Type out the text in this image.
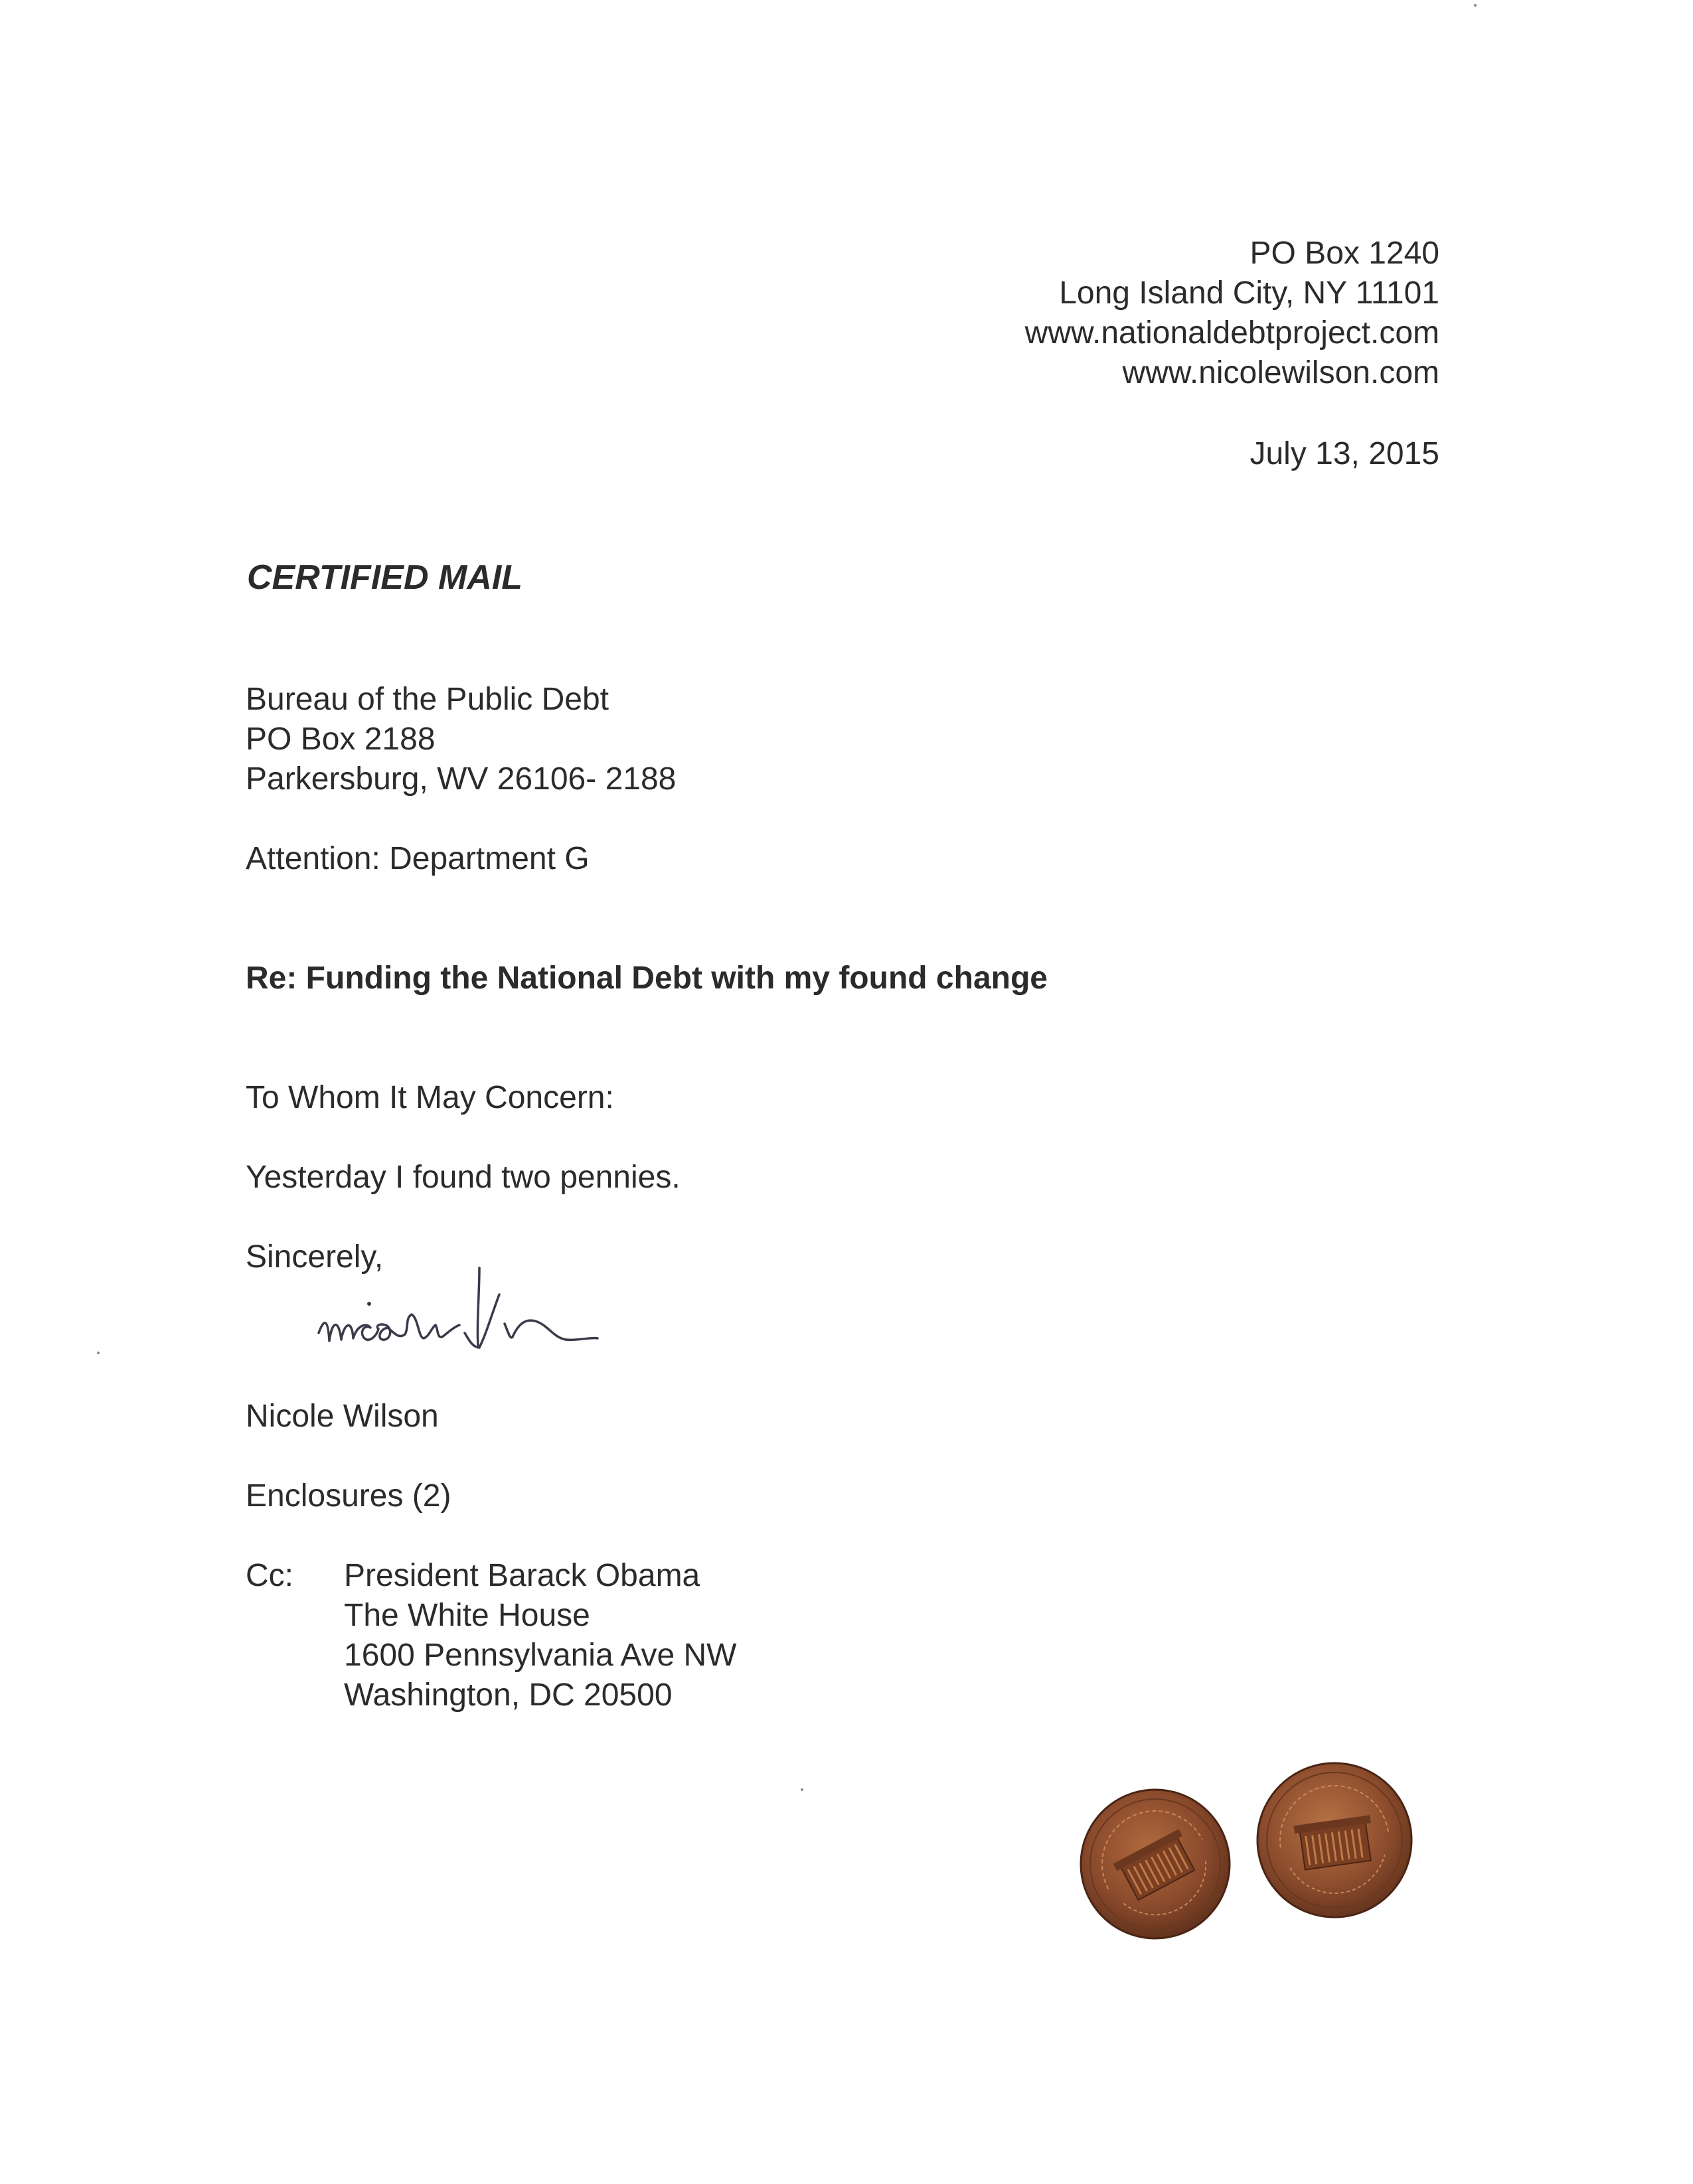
PO Box 1240
Long Island City, NY 11101
www.nationaldebtproject.com
www.nicolewilson.com
July 13, 2015
CERTIFIED MAIL
Bureau of the Public Debt
PO Box 2188
Parkersburg, WV 26106- 2188
Attention: Department G
Re: Funding the National Debt with my found change
To Whom It May Concern:
Yesterday I found two pennies.
Sincerely,
Nicole Wilson
Enclosures (2)
Cc: President Barack Obama
The White House
1600 Pennsylvania Ave NW
Washington, DC 20500
